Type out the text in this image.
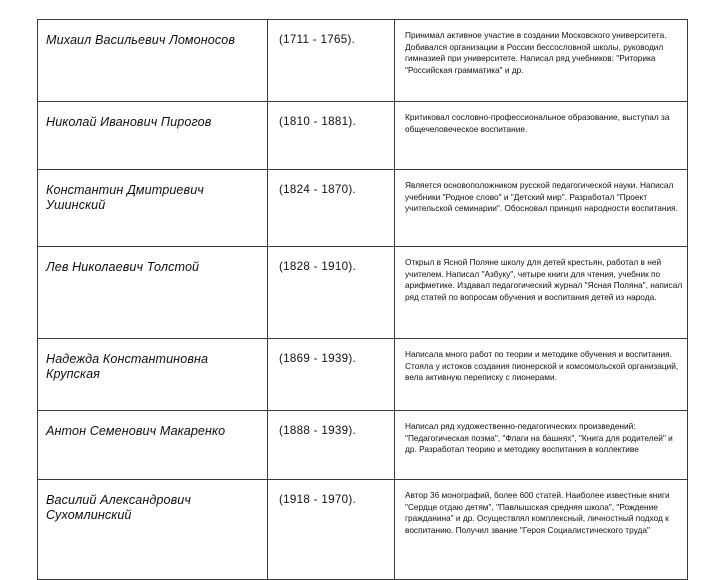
Михаил Васильевич Ломоносов	(1711 - 1765).	Принимал активное участие в создании Московского университета. Добивался организации в России бессословной школы, руководил гимназией при университете. Написал ряд учебников: "Риторика "Российская грамматика" и др.
Николай Иванович Пирогов	(1810 - 1881).	Критиковал сословно-профессиональное образование, выступал за общечеловеческое воспитание.
Константин Дмитриевич Ушинский	(1824 - 1870).	Является основоположником русской педагогической науки. Написал учебники "Родное слово" и "Детский мир". Разработал "Проект учительской семинарии". Обосновал принцип народности воспитания.
Лев Николаевич Толстой	(1828 - 1910).	Открыл в Ясной Поляне школу для детей крестьян, работал в ней учителем. Написал "Азбуку", четыре книги для чтения, учебник по арифметике. Издавал педагогический журнал "Ясная Поляна", написал ряд статей по вопросам обучения и воспитания детей из народа.
Надежда Константиновна Крупская	(1869 - 1939).	Написала много работ по теории и методике обучения и воспитания. Стояла у истоков создания пионерской и комсомольской организаций, вела активную переписку с пионерами.
Антон Семенович Макаренко	(1888 - 1939).	Написал ряд художественно-педагогических произведений: "Педагогическая поэма", "Флаги на башнях", "Книга для родителей" и др. Разработал теорию и методику воспитания в коллективе
Василий Александрович Сухомлинский	(1918 - 1970).	Автор 36 монографий, более 600 статей. Наиболее известные книги "Сердце отдаю детям", "Павлышская средняя школа", "Рождение гражданина" и др. Осуществлял комплексный, личностный подход к воспитанию. Получил звание "Героя Социалистического труда"
